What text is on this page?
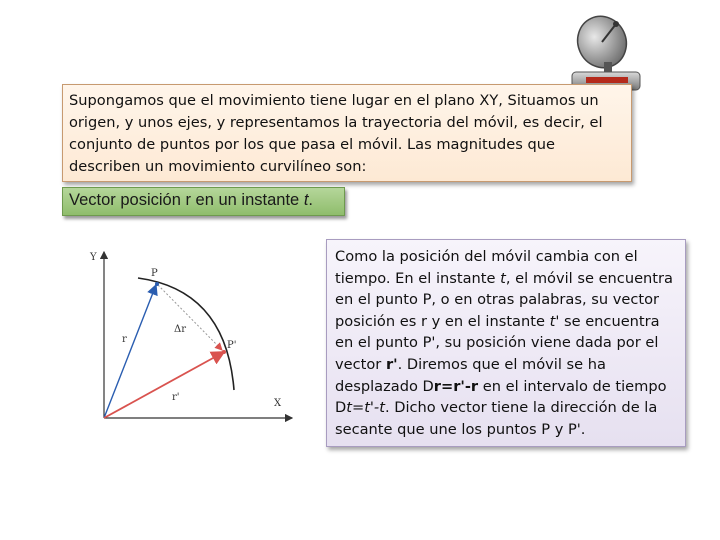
Supongamos que el movimiento tiene lugar en el plano XY, Situamos un origen, y unos ejes, y representamos la trayectoria del móvil, es decir, el conjunto de puntos por los que pasa el móvil. Las magnitudes que describen un movimiento curvilíneo son:
Vector posición r en un instante t.
Y
X
P
P'
r
r'
Δr
Como la posición del móvil cambia con el tiempo. En el instante t, el móvil se encuentra en el punto P, o en otras palabras, su vector posición es r y en el instante t' se encuentra en el punto P', su posición viene dada por el vector r'. Diremos que el móvil se ha desplazado Dr=r'-r en el intervalo de tiempo Dt=t'-t. Dicho vector tiene la dirección de la secante que une los puntos P y P'.
